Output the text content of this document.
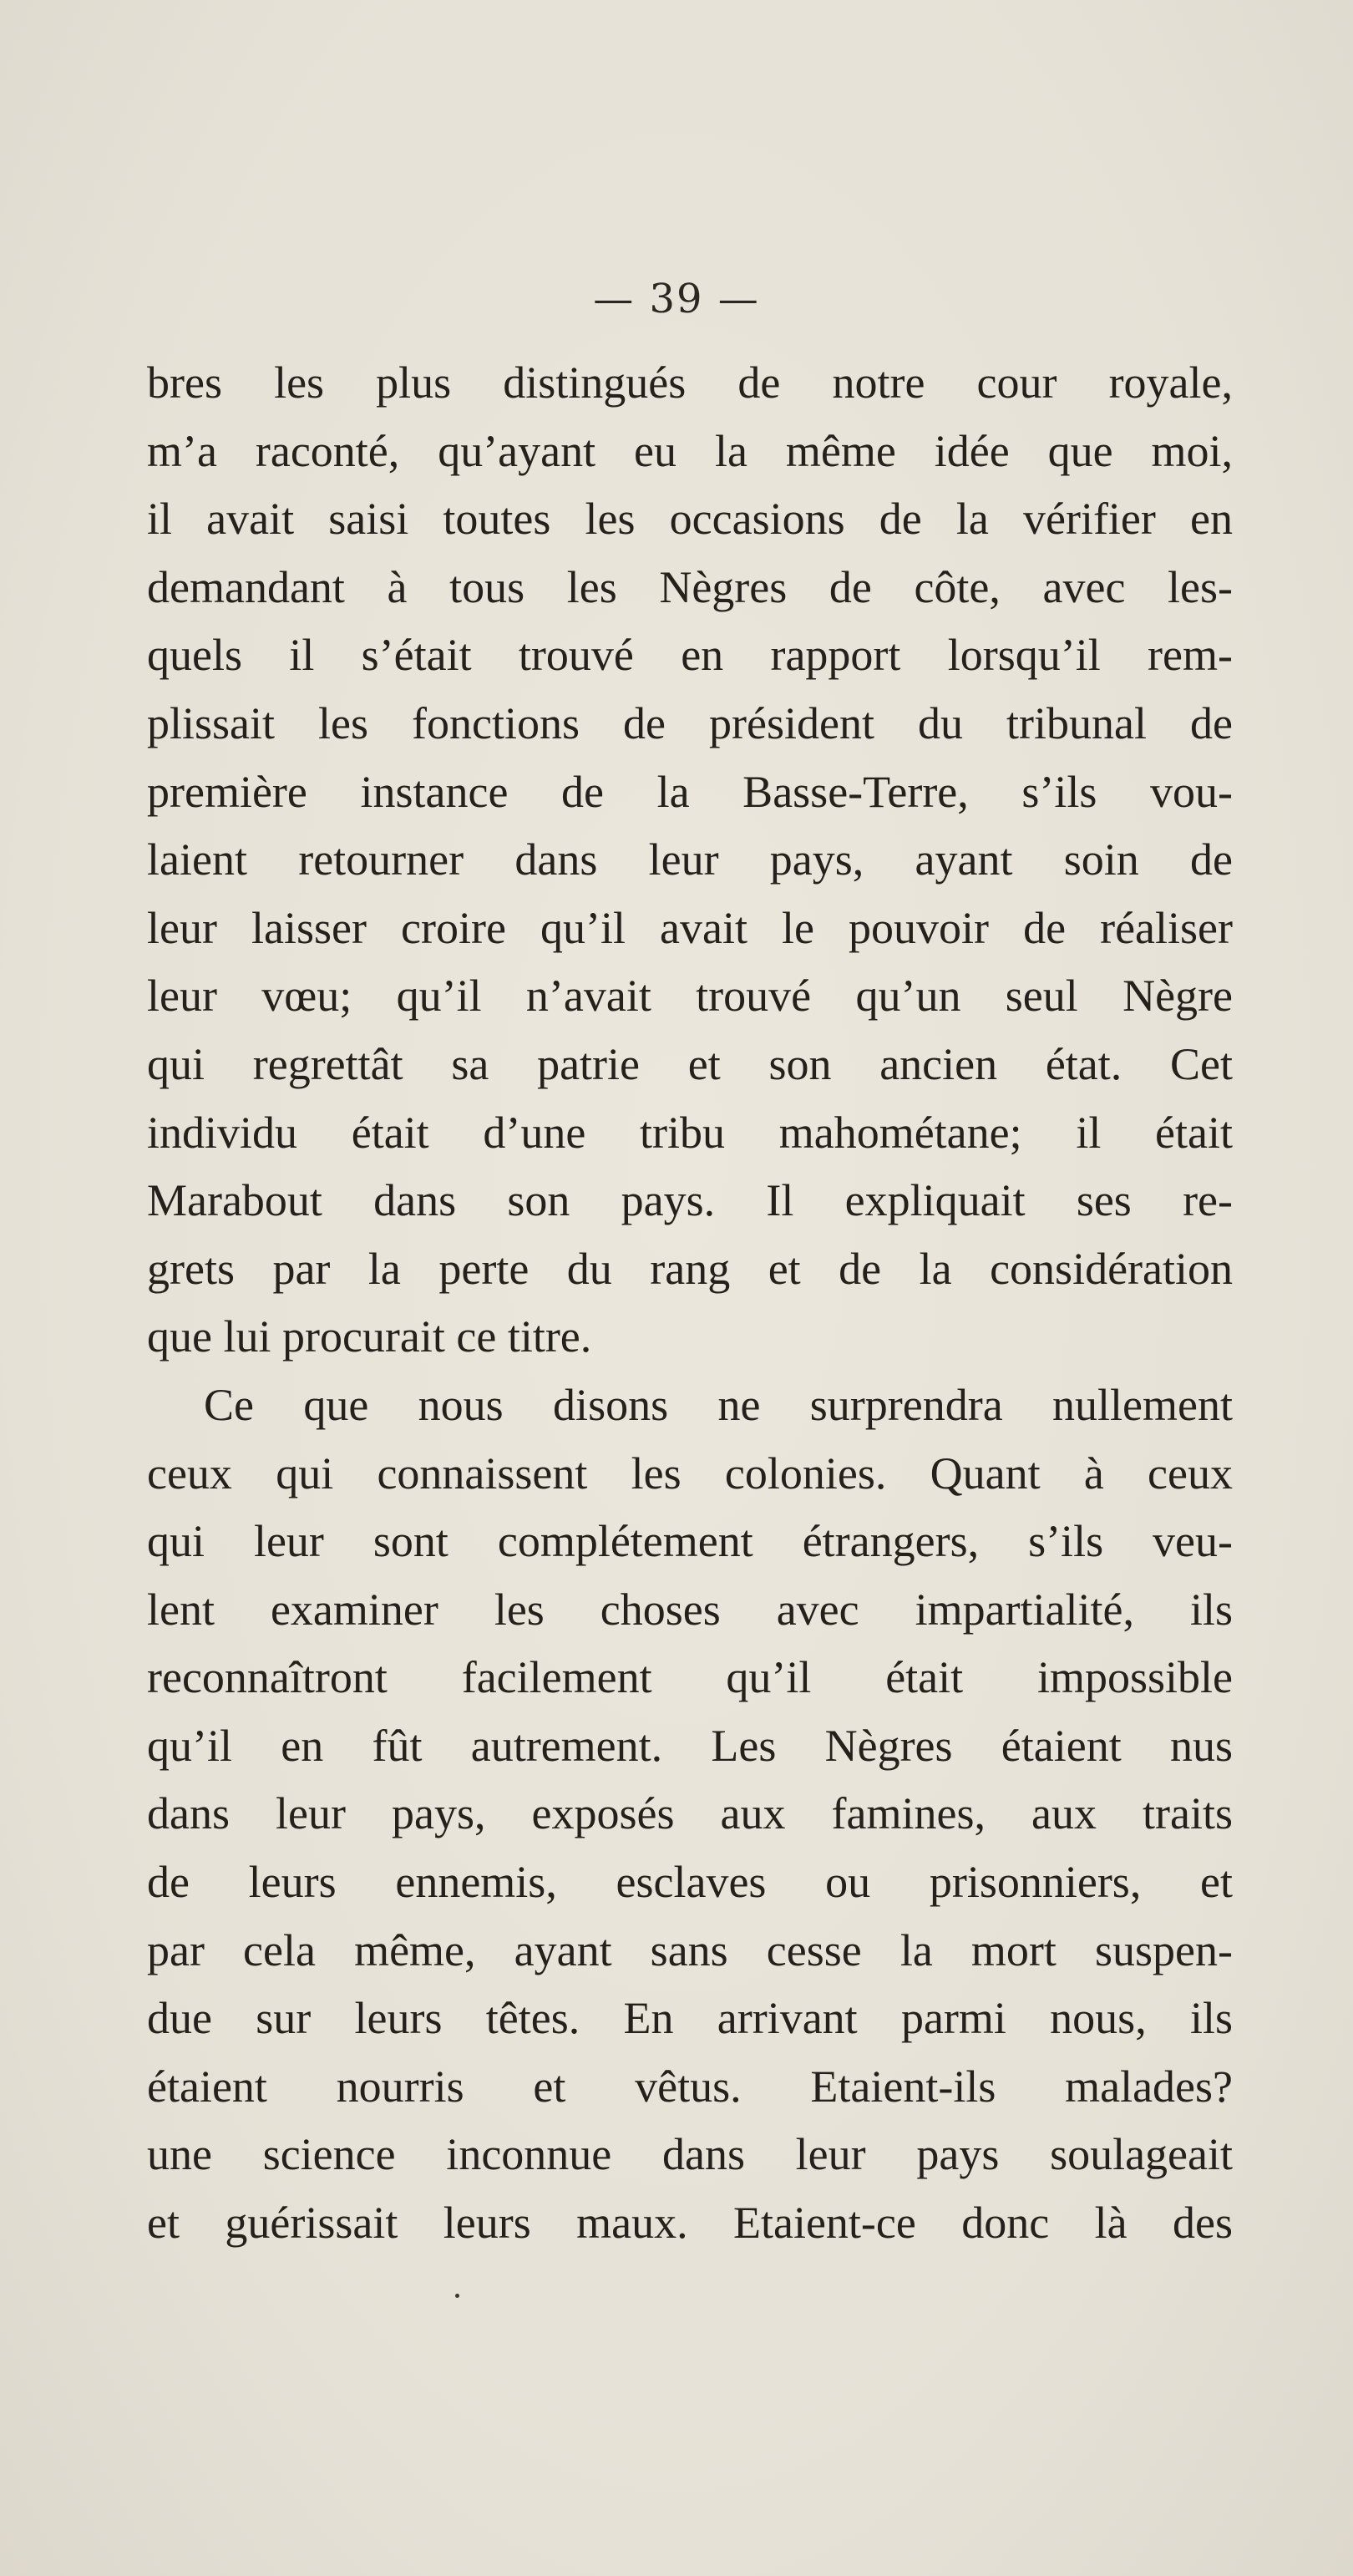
— 39 —
bres les plus distingués de notre cour royale,
m’a raconté, qu’ayant eu la même idée que moi,
il avait saisi toutes les occasions de la vérifier en
demandant à tous les Nègres de côte, avec les-
quels il s’était trouvé en rapport lorsqu’il rem-
plissait les fonctions de président du tribunal de
première instance de la Basse-Terre, s’ils vou-
laient retourner dans leur pays, ayant soin de
leur laisser croire qu’il avait le pouvoir de réaliser
leur vœu; qu’il n’avait trouvé qu’un seul Nègre
qui regrettât sa patrie et son ancien état. Cet
individu était d’une tribu mahométane; il était
Marabout dans son pays. Il expliquait ses re-
grets par la perte du rang et de la considération
que lui procurait ce titre.
Ce que nous disons ne surprendra nullement
ceux qui connaissent les colonies. Quant à ceux
qui leur sont complétement étrangers, s’ils veu-
lent examiner les choses avec impartialité, ils
reconnaîtront facilement qu’il était impossible
qu’il en fût autrement. Les Nègres étaient nus
dans leur pays, exposés aux famines, aux traits
de leurs ennemis, esclaves ou prisonniers, et
par cela même, ayant sans cesse la mort suspen-
due sur leurs têtes. En arrivant parmi nous, ils
étaient nourris et vêtus. Etaient-ils malades?
une science inconnue dans leur pays soulageait
et guérissait leurs maux. Etaient-ce donc là des
